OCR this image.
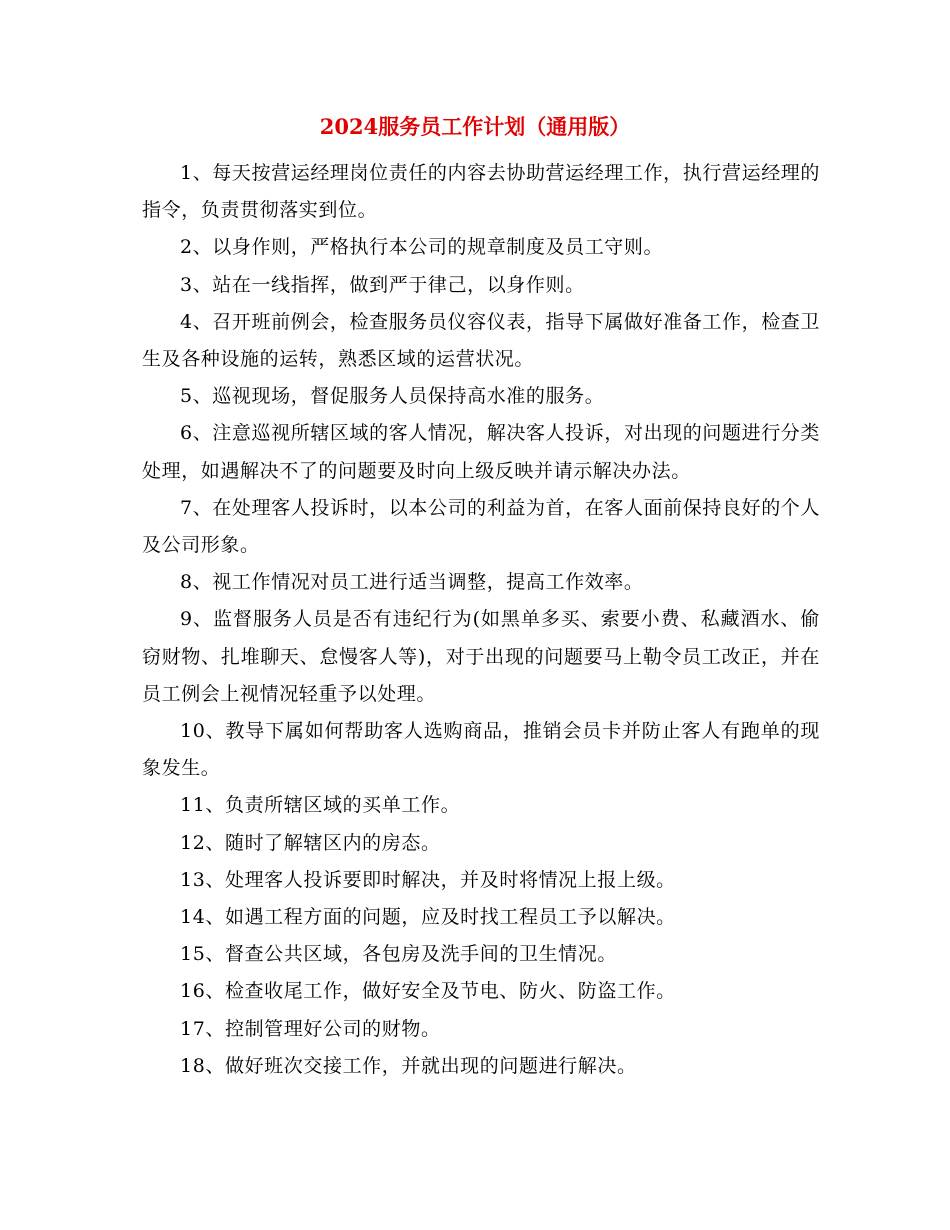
2024服务员工作计划（通用版）

1、每天按营运经理岗位责任的内容去协助营运经理工作，执行营运经理的指令，负责贯彻落实到位。

2、以身作则，严格执行本公司的规章制度及员工守则。

3、站在一线指挥，做到严于律己，以身作则。

4、召开班前例会，检查服务员仪容仪表，指导下属做好准备工作，检查卫生及各种设施的运转，熟悉区域的运营状况。

5、巡视现场，督促服务人员保持高水准的服务。

6、注意巡视所辖区域的客人情况，解决客人投诉，对出现的问题进行分类处理，如遇解决不了的问题要及时向上级反映并请示解决办法。

7、在处理客人投诉时，以本公司的利益为首，在客人面前保持良好的个人及公司形象。

8、视工作情况对员工进行适当调整，提高工作效率。

9、监督服务人员是否有违纪行为(如黑单多买、索要小费、私藏酒水、偷窃财物、扎堆聊天、怠慢客人等)，对于出现的问题要马上勒令员工改正，并在员工例会上视情况轻重予以处理。

10、教导下属如何帮助客人选购商品，推销会员卡并防止客人有跑单的现象发生。

11、负责所辖区域的买单工作。

12、随时了解辖区内的房态。

13、处理客人投诉要即时解决，并及时将情况上报上级。

14、如遇工程方面的问题，应及时找工程员工予以解决。

15、督查公共区域，各包房及洗手间的卫生情况。

16、检查收尾工作，做好安全及节电、防火、防盗工作。

17、控制管理好公司的财物。

18、做好班次交接工作，并就出现的问题进行解决。
